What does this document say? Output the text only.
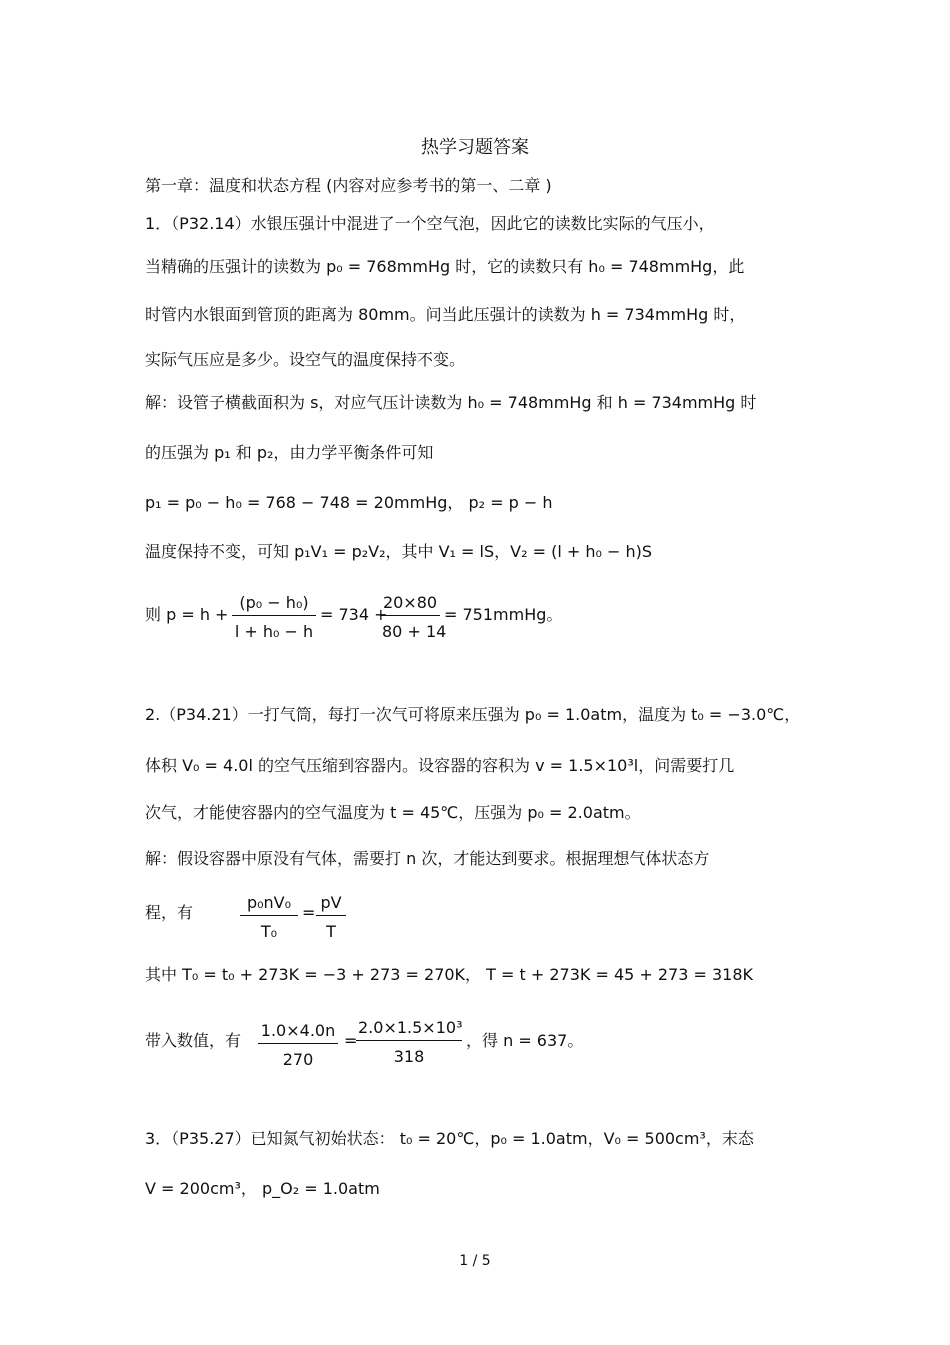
热学习题答案
第一章：温度和状态方程 (内容对应参考书的第一、二章 )
1．（P32.14）水银压强计中混进了一个空气泡，因此它的读数比实际的气压小，
当精确的压强计的读数为 p₀ = 768mmHg 时，它的读数只有 h₀ = 748mmHg，此
时管内水银面到管顶的距离为 80mm。问当此压强计的读数为 h = 734mmHg 时，
实际气压应是多少。设空气的温度保持不变。
解：设管子横截面积为 s，对应气压计读数为 h₀ = 748mmHg 和 h = 734mmHg 时
的压强为 p₁ 和 p₂，由力学平衡条件可知
p₁ = p₀ − h₀ = 768 − 748 = 20mmHg， p₂ = p − h
温度保持不变，可知 p₁V₁ = p₂V₂，其中 V₁ = lS，V₂ = (l + h₀ − h)S
则 $p = h + \frac{\text{(p₀ − h₀)}}{\text{l + h₀ − h}} = 734$ +
$\frac{20\times 80}{80 + 14}$ = 751mmHg。
2.（P34.21）一打气筒，每打一次气可将原来压强为 p₀ = 1.0atm，温度为 t₀ = −3.0℃，
体积 V₀ = 4.0l 的空气压缩到容器内。设容器的容积为 v = 1.5×10³l，问需要打几
次气，才能使容器内的空气温度为 t = 45℃，压强为 p₀ = 2.0atm。
解：假设容器中原没有气体，需要打 n 次，才能达到要求。根据理想气体状态方
程，有	$\frac{\text{p₀nV₀}}{\text{T₀}} = \frac{pV}{T}$
其中 T₀ = t₀ + 273K = −3 + 273 = 270K， T = t + 273K = 45 + 273 = 318K
带入数值，有 $\frac{1.0\times 4.0n}{270}$ =
$\frac{\text{2.0×1.5×10³}}{318}$ ，得 n = 637。
3．（P35.27）已知氮气初始状态： t₀ = 20℃，p₀ = 1.0atm，V₀ = 500cm³，末态
V = 200cm³， p_O₂ = 1.0atm
1 / 5
